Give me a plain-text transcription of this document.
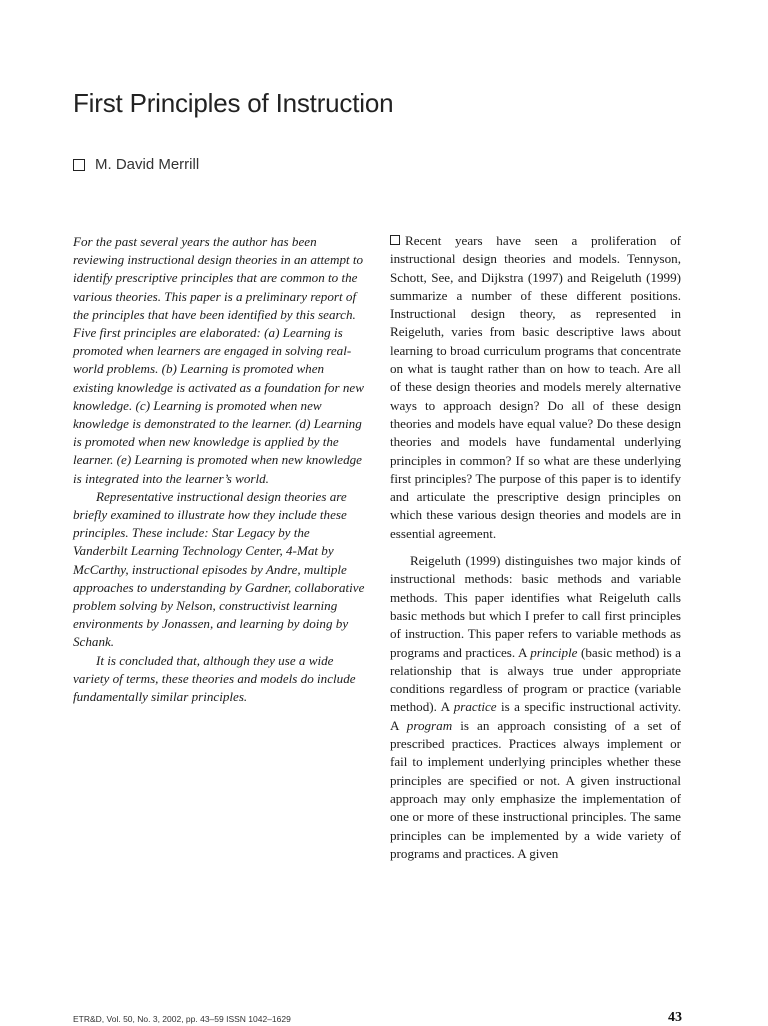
First Principles of Instruction
M. David Merrill

For the past several years the author has been reviewing instructional design theories in an attempt to identify prescriptive principles that are common to the various theories. This paper is a preliminary report of the principles that have been identified by this search. Five first principles are elaborated: (a) Learning is promoted when learners are engaged in solving real-world problems. (b) Learning is promoted when existing knowledge is activated as a foundation for new knowledge. (c) Learning is promoted when new knowledge is demonstrated to the learner. (d) Learning is promoted when new knowledge is applied by the learner. (e) Learning is promoted when new knowledge is integrated into the learner’s world.

Representative instructional design theories are briefly examined to illustrate how they include these principles. These include: Star Legacy by the Vanderbilt Learning Technology Center, 4-Mat by McCarthy, instructional episodes by Andre, multiple approaches to understanding by Gardner, collaborative problem solving by Nelson, constructivist learning environments by Jonassen, and learning by doing by Schank.

It is concluded that, although they use a wide variety of terms, these theories and models do include fundamentally similar principles.

Recent years have seen a proliferation of instructional design theories and models. Tennyson, Schott, See, and Dijkstra (1997) and Reigeluth (1999) summarize a number of these different positions. Instructional design theory, as represented in Reigeluth, varies from basic descriptive laws about learning to broad curriculum programs that concentrate on what is taught rather than on how to teach. Are all of these design theories and models merely alternative ways to approach design? Do all of these design theories and models have equal value? Do these design theories and models have fundamental underlying principles in common? If so what are these underlying first principles? The purpose of this paper is to identify and articulate the prescriptive design principles on which these various design theories and models are in essential agreement.

Reigeluth (1999) distinguishes two major kinds of instructional methods: basic methods and variable methods. This paper identifies what Reigeluth calls basic methods but which I prefer to call first principles of instruction. This paper refers to variable methods as programs and practices. A principle (basic method) is a relationship that is always true under appropriate conditions regardless of program or practice (variable method). A practice is a specific instructional activity. A program is an approach consisting of a set of prescribed practices. Practices always implement or fail to implement underlying principles whether these principles are specified or not. A given instructional approach may only emphasize the implementation of one or more of these instructional principles. The same principles can be implemented by a wide variety of programs and practices. A given

ETR&D, Vol. 50, No. 3, 2002, pp. 43–59 ISSN 1042–1629	43
